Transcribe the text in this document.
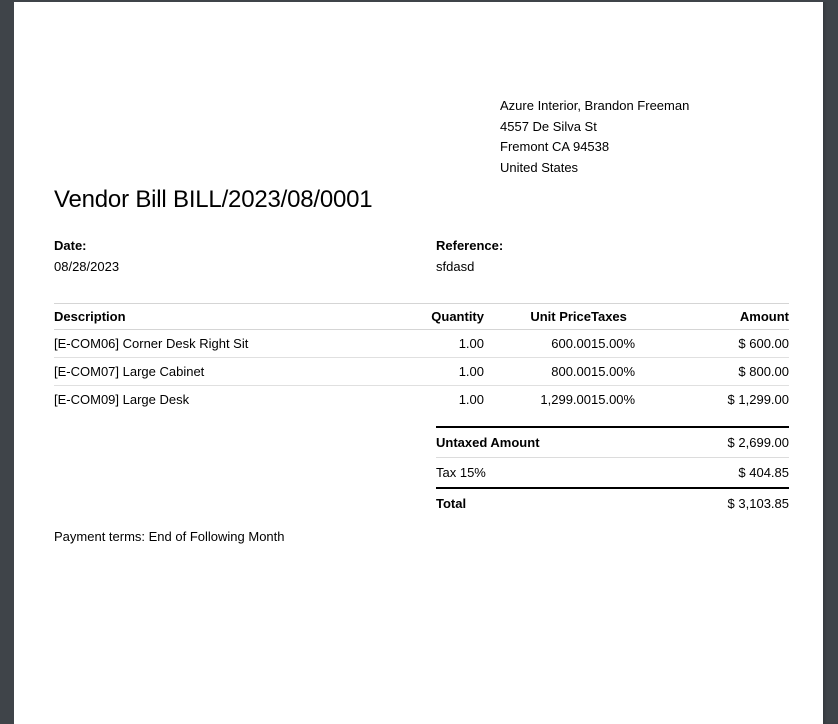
Azure Interior, Brandon Freeman
4557 De Silva St
Fremont CA 94538
United States
Vendor Bill BILL/2023/08/0001
Date:
08/28/2023
Reference:
sfdasd
Description	Quantity	Unit Price	Taxes	Amount
[E-COM06] Corner Desk Right Sit	1.00	600.00	15.00%	$ 600.00
[E-COM07] Large Cabinet	1.00	800.00	15.00%	$ 800.00
[E-COM09] Large Desk	1.00	1,299.00	15.00%	$ 1,299.00
Untaxed Amount	$ 2,699.00
Tax 15%	$ 404.85
Total	$ 3,103.85
Payment terms: End of Following Month
